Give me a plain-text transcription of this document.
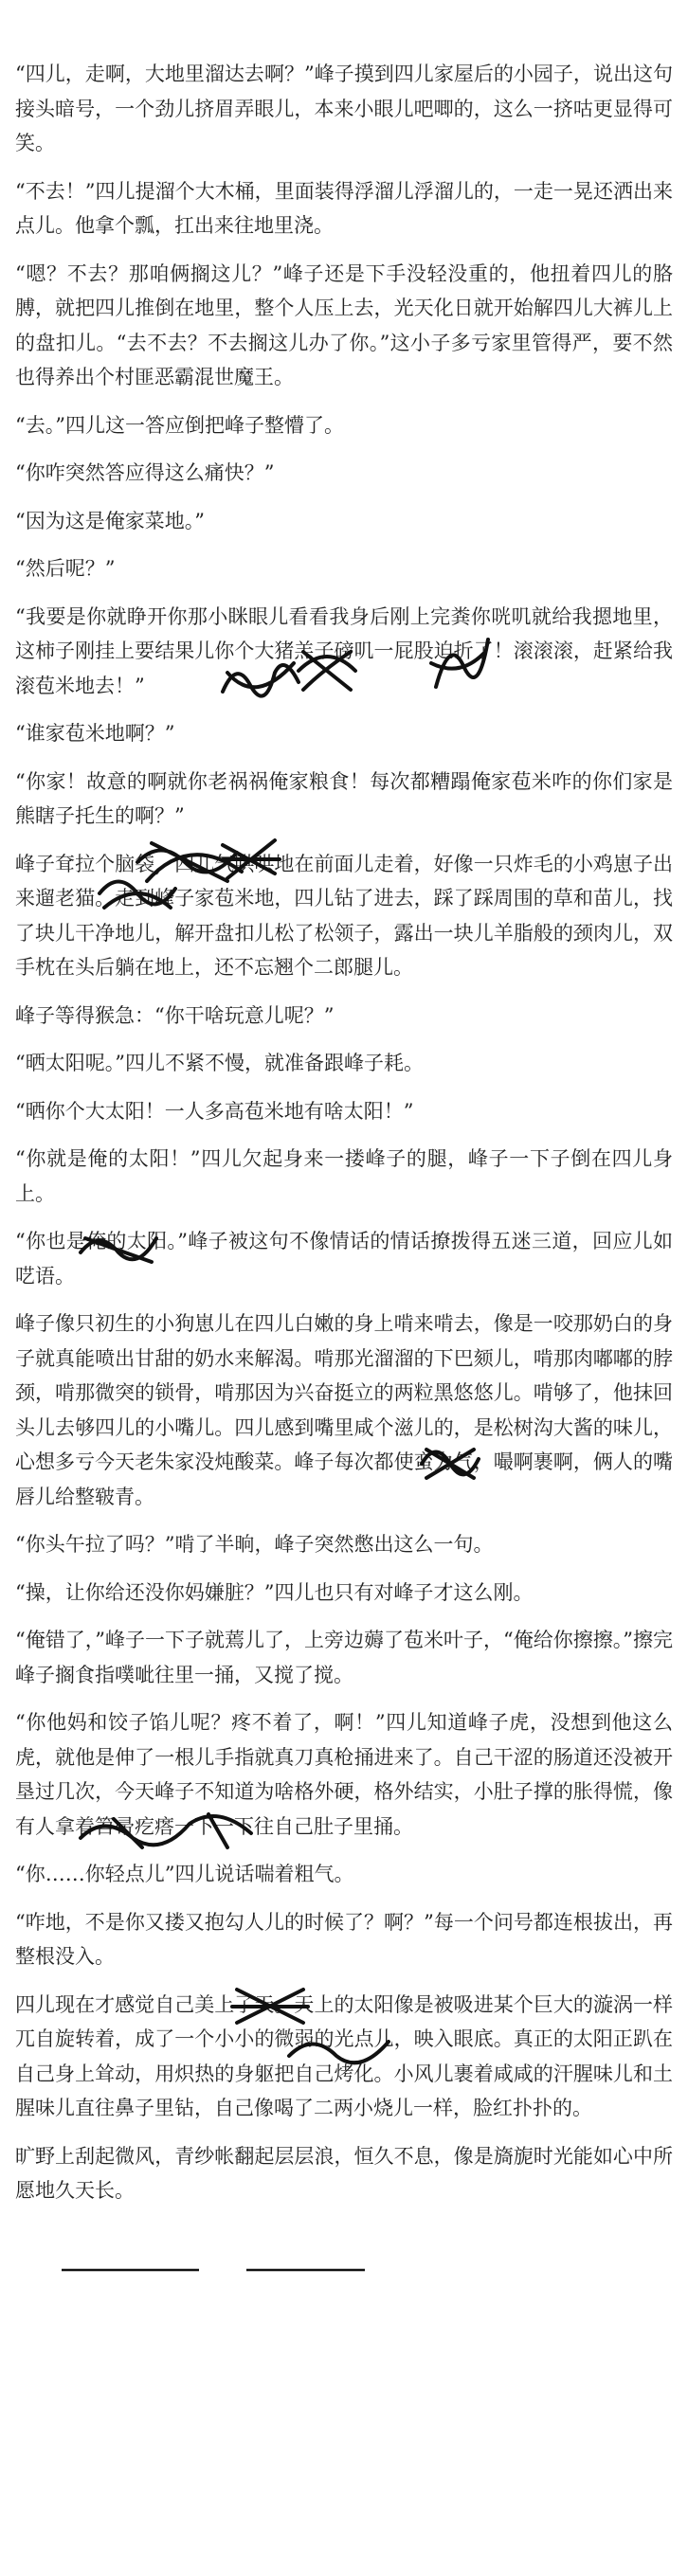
“四儿，走啊，大地里溜达去啊？”峰子摸到四儿家屋后的小园子，说出这句接头暗号，一个劲儿挤眉弄眼儿，本来小眼儿吧唧的，这么一挤咕更显得可笑。

“不去！”四儿提溜个大木桶，里面装得浮溜儿浮溜儿的，一走一晃还洒出来点儿。他拿个瓢，扛出来往地里浇。

“嗯？不去？那咱俩搁这儿？”峰子还是下手没轻没重的，他扭着四儿的胳膊，就把四儿推倒在地里，整个人压上去，光天化日就开始解四儿大裤儿上的盘扣儿。“去不去？不去搁这儿办了你。”这小子多亏家里管得严，要不然也得养出个村匪恶霸混世魔王。

“去。”四儿这一答应倒把峰子整懵了。

“你咋突然答应得这么痛快？”

“因为这是俺家菜地。”

“然后呢？”

“我要是你就睁开你那小眯眼儿看看我身后刚上完粪你咣叽就给我摁地里，这柿子刚挂上要结果儿你个大猪羔子磅叽一屁股迫折了！滚滚滚，赶紧给我滚苞米地去！”

“谁家苞米地啊？”

“你家！故意的啊就你老祸祸俺家粮食！每次都糟蹋俺家苞米咋的你们家是熊瞎子托生的啊？”

峰子耷拉个脑袋，四儿气哄哄地在前面儿走着，好像一只炸毛的小鸡崽子出来遛老猫。走到峰子家苞米地，四儿钻了进去，踩了踩周围的草和苗儿，找了块儿干净地儿，解开盘扣儿松了松领子，露出一块儿羊脂般的颈肉儿，双手枕在头后躺在地上，还不忘翘个二郎腿儿。

峰子等得猴急：“你干啥玩意儿呢？”

“晒太阳呢。”四儿不紧不慢，就准备跟峰子耗。

“晒你个大太阳！一人多高苞米地有啥太阳！”

“你就是俺的太阳！”四儿欠起身来一搂峰子的腿，峰子一下子倒在四儿身上。

“你也是俺的太阳。”峰子被这句不像情话的情话撩拨得五迷三道，回应儿如呓语。

峰子像只初生的小狗崽儿在四儿白嫩的身上啃来啃去，像是一咬那奶白的身子就真能喷出甘甜的奶水来解渴。啃那光溜溜的下巴颏儿，啃那肉嘟嘟的脖颈，啃那微突的锁骨，啃那因为兴奋挺立的两粒黑悠悠儿。啃够了，他抹回头儿去够四儿的小嘴儿。四儿感到嘴里咸个滋儿的，是松树沟大酱的味儿，心想多亏今天老朱家没炖酸菜。峰子每次都使蛮力气，嘬啊裹啊，俩人的嘴唇儿给整皲青。

“你头午拉了吗？”啃了半晌，峰子突然憋出这么一句。

“操，让你给还没你妈嫌脏？”四儿也只有对峰子才这么刚。

“俺错了，”峰子一下子就蔫儿了，上旁边薅了苞米叶子，“俺给你擦擦。”擦完峰子搁食指噗呲往里一捅，又搅了搅。

“你他妈和饺子馅儿呢？疼不着了，啊！”四儿知道峰子虎，没想到他这么虎，就他是伸了一根儿手指就真刀真枪捅进来了。自己干涩的肠道还没被开垦过几次，今天峰子不知道为啥格外硬，格外结实，小肚子撑的胀得慌，像有人拿着笤帚疙瘩一下一下往自己肚子里捅。

“你……你轻点儿”四儿说话喘着粗气。

“咋地，不是你又搂又抱勾人儿的时候了？啊？”每一个问号都连根拔出，再整根没入。

四儿现在才感觉自己美上了天。天上的太阳像是被吸进某个巨大的漩涡一样兀自旋转着，成了一个小小的微弱的光点儿，映入眼底。真正的太阳正趴在自己身上耸动，用炽热的身躯把自己烤化。小风儿裹着咸咸的汗腥味儿和土腥味儿直往鼻子里钻，自己像喝了二两小烧儿一样，脸红扑扑的。

旷野上刮起微风，青纱帐翻起层层浪，恒久不息，像是旖旎时光能如心中所愿地久天长。
